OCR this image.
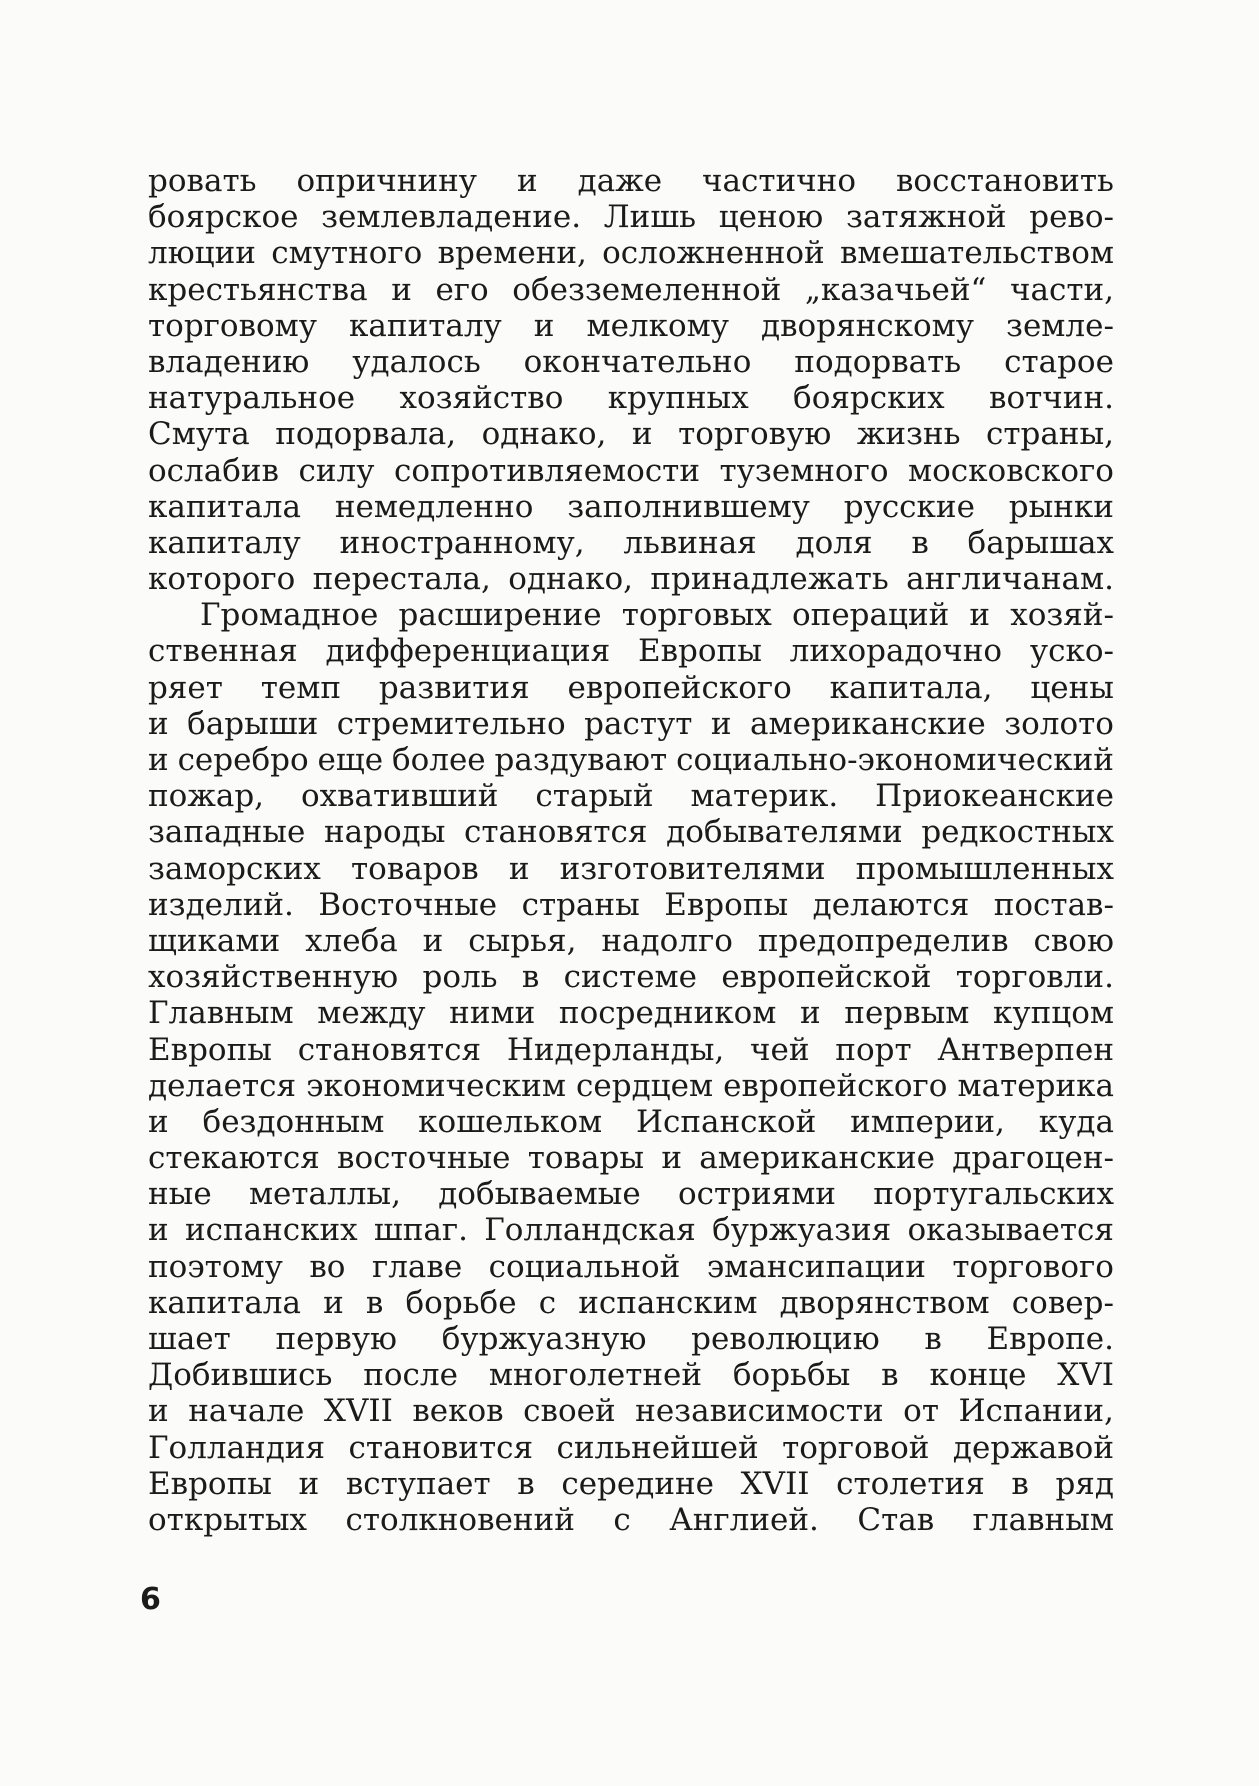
ровать опричнину и даже частично восстановить
боярское землевладение. Лишь ценою затяжной рево-
люции смутного времени, осложненной вмешательством
крестьянства и его обезземеленной „казачьей“ части,
торговому капиталу и мелкому дворянскому земле-
владению удалось окончательно подорвать старое
натуральное хозяйство крупных боярских вотчин.
Смута подорвала, однако, и торговую жизнь страны,
ослабив силу сопротивляемости туземного московского
капитала немедленно заполнившему русские рынки
капиталу иностранному, львиная доля в барышах
которого перестала, однако, принадлежать англичанам.
Громадное расширение торговых операций и хозяй-
ственная дифференциация Европы лихорадочно уско-
ряет темп развития европейского капитала, цены
и барыши стремительно растут и американские золото
и серебро еще более раздувают социально-экономический
пожар, охвативший старый материк. Приокеанские
западные народы становятся добывателями редкостных
заморских товаров и изготовителями промышленных
изделий. Восточные страны Европы делаются постав-
щиками хлеба и сырья, надолго предопределив свою
хозяйственную роль в системе европейской торговли.
Главным между ними посредником и первым купцом
Европы становятся Нидерланды, чей порт Антверпен
делается экономическим сердцем европейского материка
и бездонным кошельком Испанской империи, куда
стекаются восточные товары и американские драгоцен-
ные металлы, добываемые остриями португальских
и испанских шпаг. Голландская буржуазия оказывается
поэтому во главе социальной эмансипации торгового
капитала и в борьбе с испанским дворянством совер-
шает первую буржуазную революцию в Европе.
Добившись после многолетней борьбы в конце XVI
и начале XVII веков своей независимости от Испании,
Голландия становится сильнейшей торговой державой
Европы и вступает в середине XVII столетия в ряд
открытых столкновений с Англией. Став главным
6
